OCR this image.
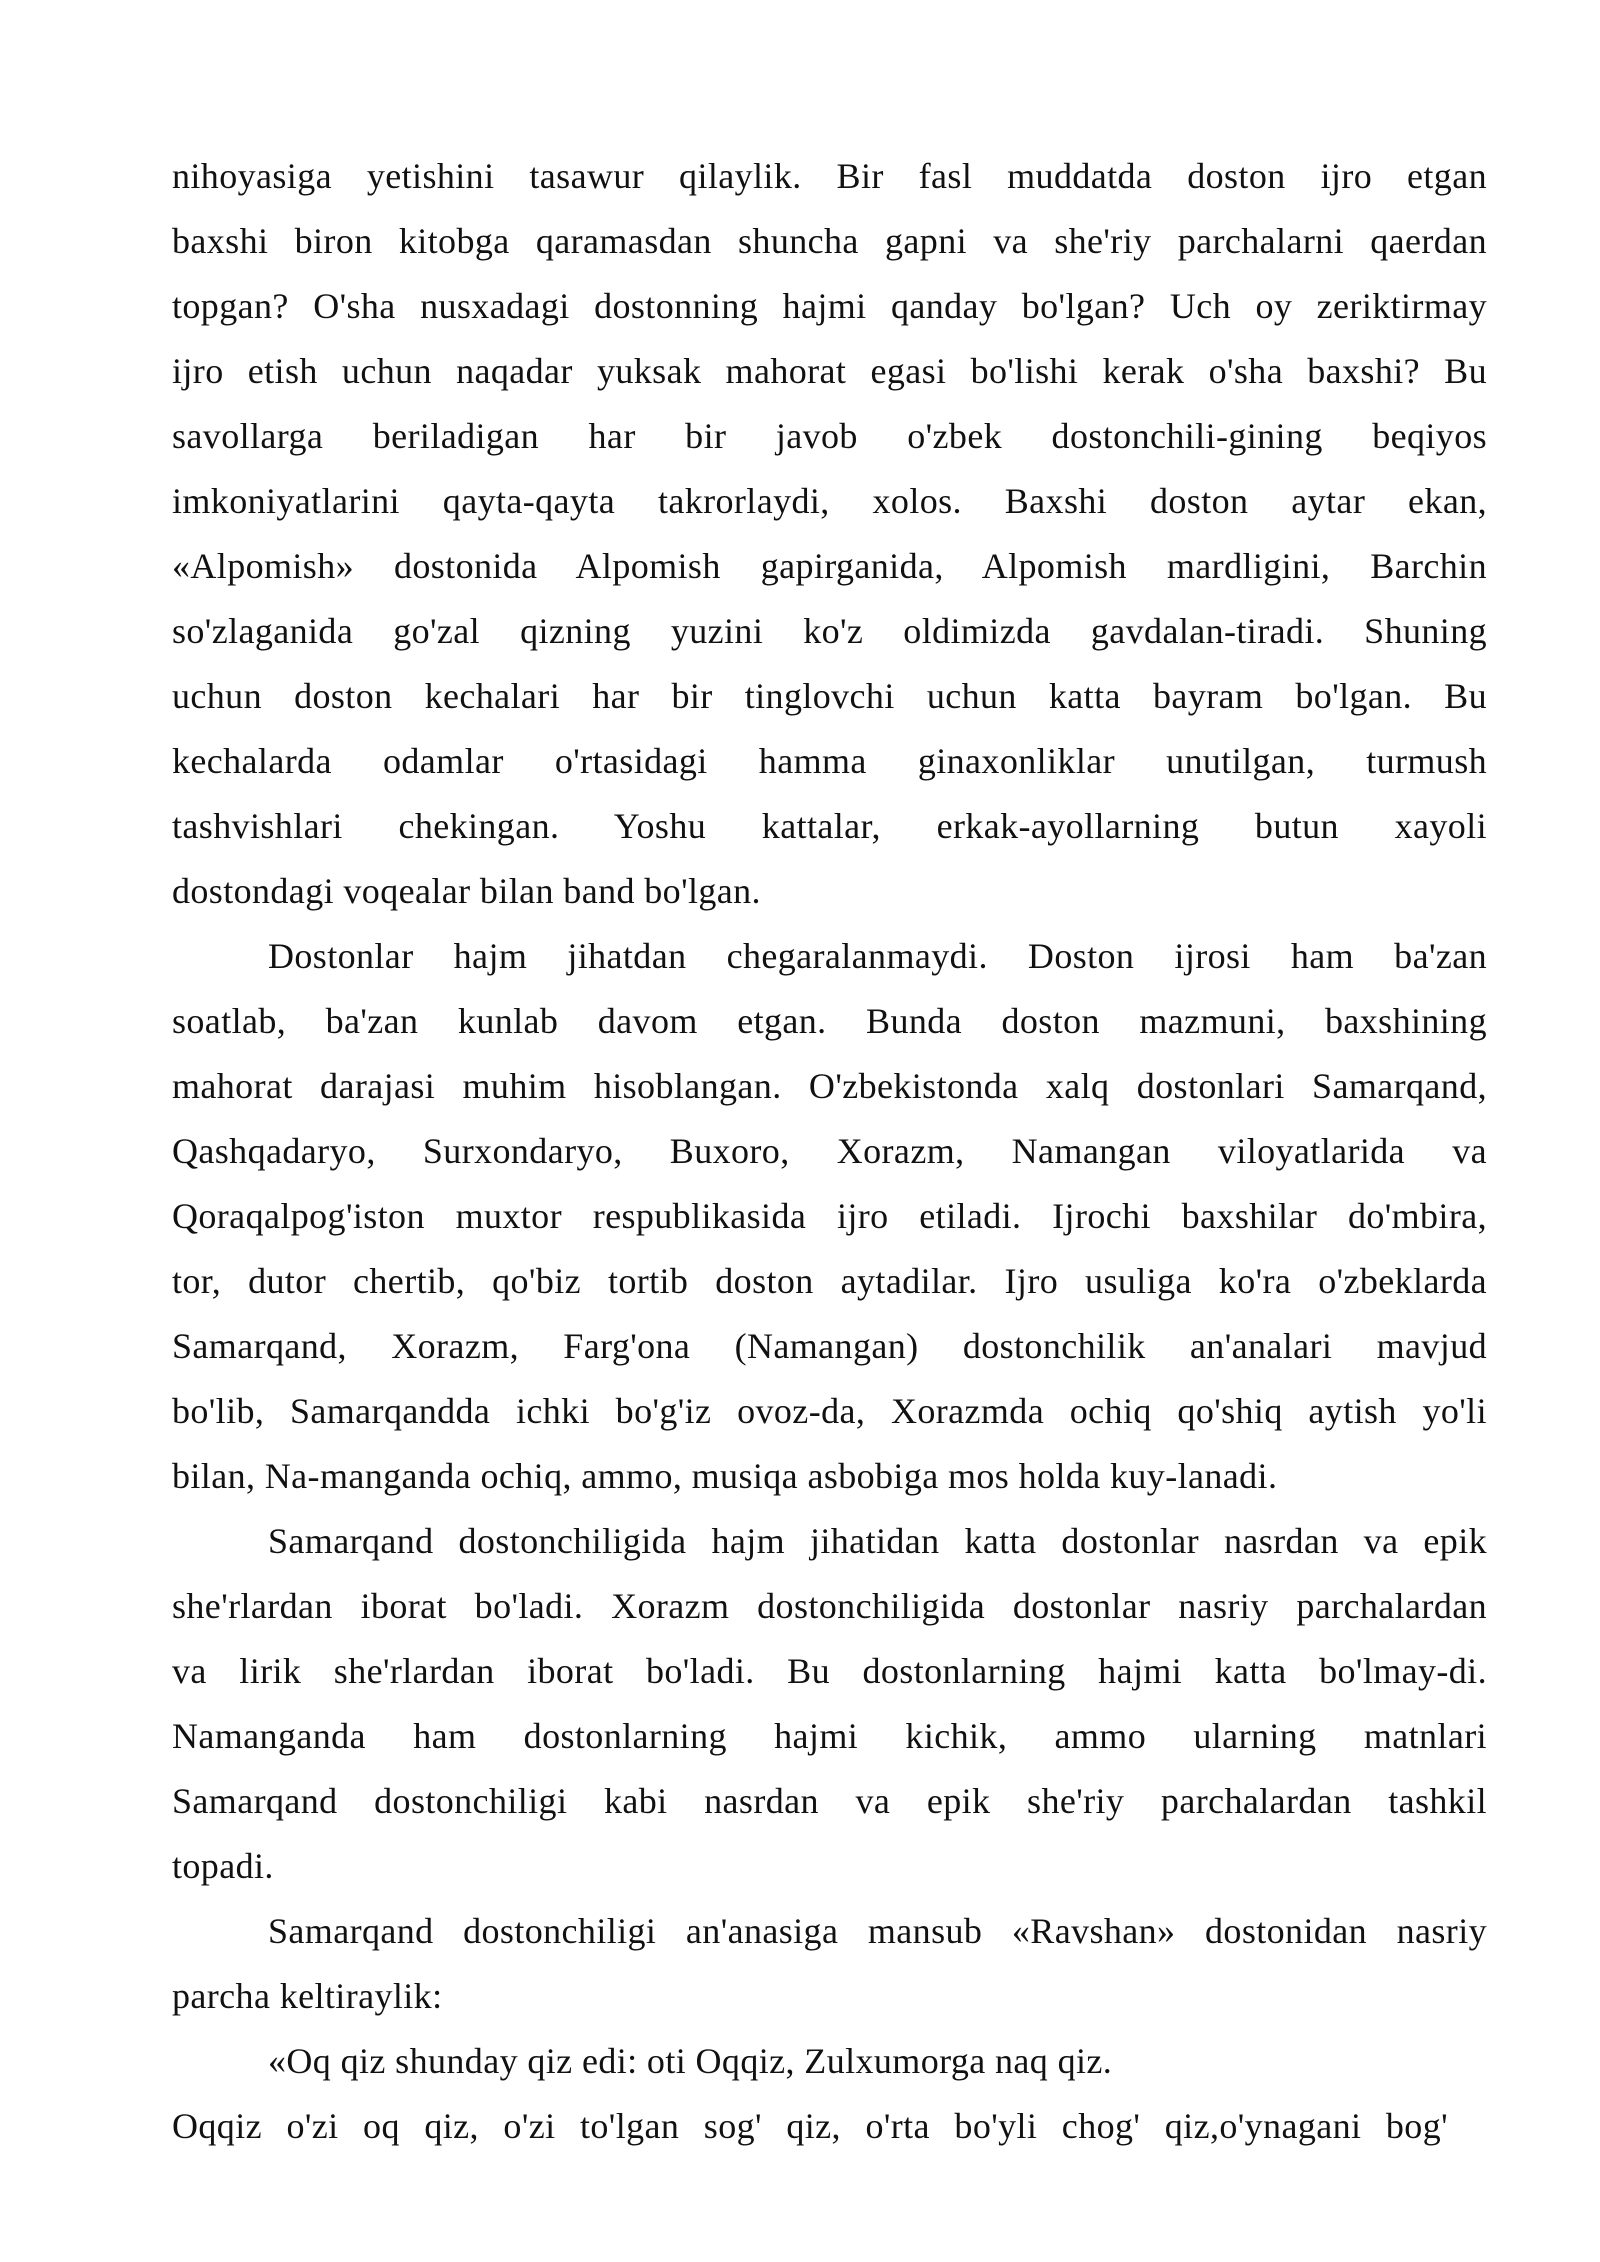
nihoyasiga yetishini tasawur qilaylik. Bir fasl muddatda doston ijro etgan
baxshi biron kitobga qaramasdan shuncha gapni va she'riy parchalarni qaerdan
topgan? O'sha nusxadagi dostonning hajmi qanday bo'lgan? Uch oy zeriktirmay
ijro etish uchun naqadar yuksak mahorat egasi bo'lishi kerak o'sha baxshi? Bu
savollarga beriladigan har bir javob o'zbek dostonchili-gining beqiyos
imkoniyatlarini qayta-qayta takrorlaydi, xolos. Baxshi doston aytar ekan,
«Alpomish» dostonida Alpomish gapirganida, Alpomish mardligini, Barchin
so'zlaganida go'zal qizning yuzini ko'z oldimizda gavdalan-tiradi. Shuning
uchun doston kechalari har bir tinglovchi uchun katta bayram bo'lgan. Bu
kechalarda odamlar o'rtasidagi hamma ginaxonliklar unutilgan, turmush
tashvishlari chekingan. Yoshu kattalar, erkak-ayollarning butun xayoli
dostondagi voqealar bilan band bo'lgan.
Dostonlar hajm jihatdan chegaralanmaydi. Doston ijrosi ham ba'zan
soatlab, ba'zan kunlab davom etgan. Bunda doston mazmuni, baxshining
mahorat darajasi muhim hisoblangan. O'zbekistonda xalq dostonlari Samarqand,
Qashqadaryo, Surxondaryo, Buxoro, Xorazm, Namangan viloyatlarida va
Qoraqalpog'iston muxtor respublikasida ijro etiladi. Ijrochi baxshilar do'mbira,
tor, dutor chertib, qo'biz tortib doston aytadilar. Ijro usuliga ko'ra o'zbeklarda
Samarqand, Xorazm, Farg'ona (Namangan) dostonchilik an'analari mavjud
bo'lib, Samarqandda ichki bo'g'iz ovoz-da, Xorazmda ochiq qo'shiq aytish yo'li
bilan, Na-manganda ochiq, ammo, musiqa asbobiga mos holda kuy-lanadi.
Samarqand dostonchiligida hajm jihatidan katta dostonlar nasrdan va epik
she'rlardan iborat bo'ladi. Xorazm dostonchiligida dostonlar nasriy parchalardan
va lirik she'rlardan iborat bo'ladi. Bu dostonlarning hajmi katta bo'lmay-di.
Namanganda ham dostonlarning hajmi kichik, ammo ularning matnlari
Samarqand dostonchiligi kabi nasrdan va epik she'riy parchalardan tashkil
topadi.
Samarqand dostonchiligi an'anasiga mansub «Ravshan» dostonidan nasriy
parcha keltiraylik:
«Oq qiz shunday qiz edi: oti Oqqiz, Zulxumorga naq qiz.
Oqqiz o'zi oq qiz, o'zi to'lgan sog' qiz, o'rta bo'yli chog' qiz,o'ynagani bog'
